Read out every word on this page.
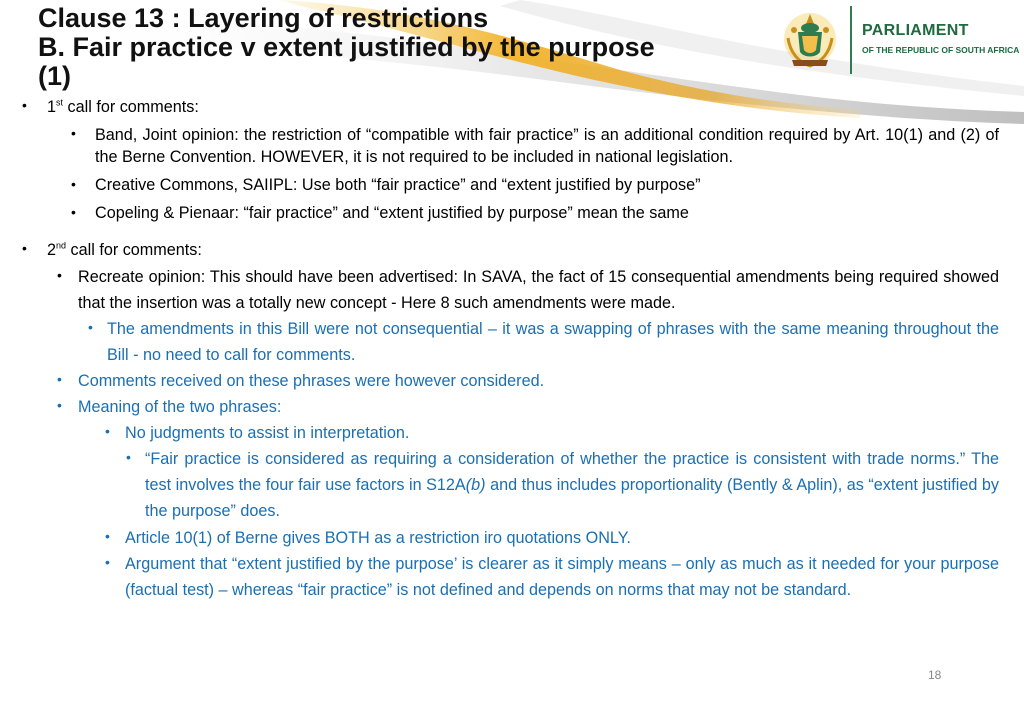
Clause 13 : Layering of restrictions
B. Fair practice v extent justified by the purpose
(1)
PARLIAMENT
OF THE REPUBLIC OF SOUTH AFRICA
• 1st call for comments:
• Band, Joint opinion: the restriction of “compatible with fair practice” is an additional condition required by Art. 10(1) and (2) of the Berne Convention. HOWEVER, it is not required to be included in national legislation.
• Creative Commons, SAIIPL: Use both “fair practice” and “extent justified by purpose”
• Copeling & Pienaar: “fair practice” and “extent justified by purpose” mean the same
• 2nd call for comments:
• Recreate opinion: This should have been advertised: In SAVA, the fact of 15 consequential amendments being required showed that the insertion was a totally new concept - Here 8 such amendments were made.
• The amendments in this Bill were not consequential – it was a swapping of phrases with the same meaning throughout the Bill - no need to call for comments.
• Comments received on these phrases were however considered.
• Meaning of the two phrases:
• No judgments to assist in interpretation.
• “Fair practice is considered as requiring a consideration of whether the practice is consistent with trade norms.” The test involves the four fair use factors in S12A(b) and thus includes proportionality (Bently & Aplin), as “extent justified by the purpose” does.
• Article 10(1) of Berne gives BOTH as a restriction iro quotations ONLY.
• Argument that “extent justified by the purpose’ is clearer as it simply means – only as much as it needed for your purpose (factual test) – whereas “fair practice” is not defined and depends on norms that may not be standard.
18
